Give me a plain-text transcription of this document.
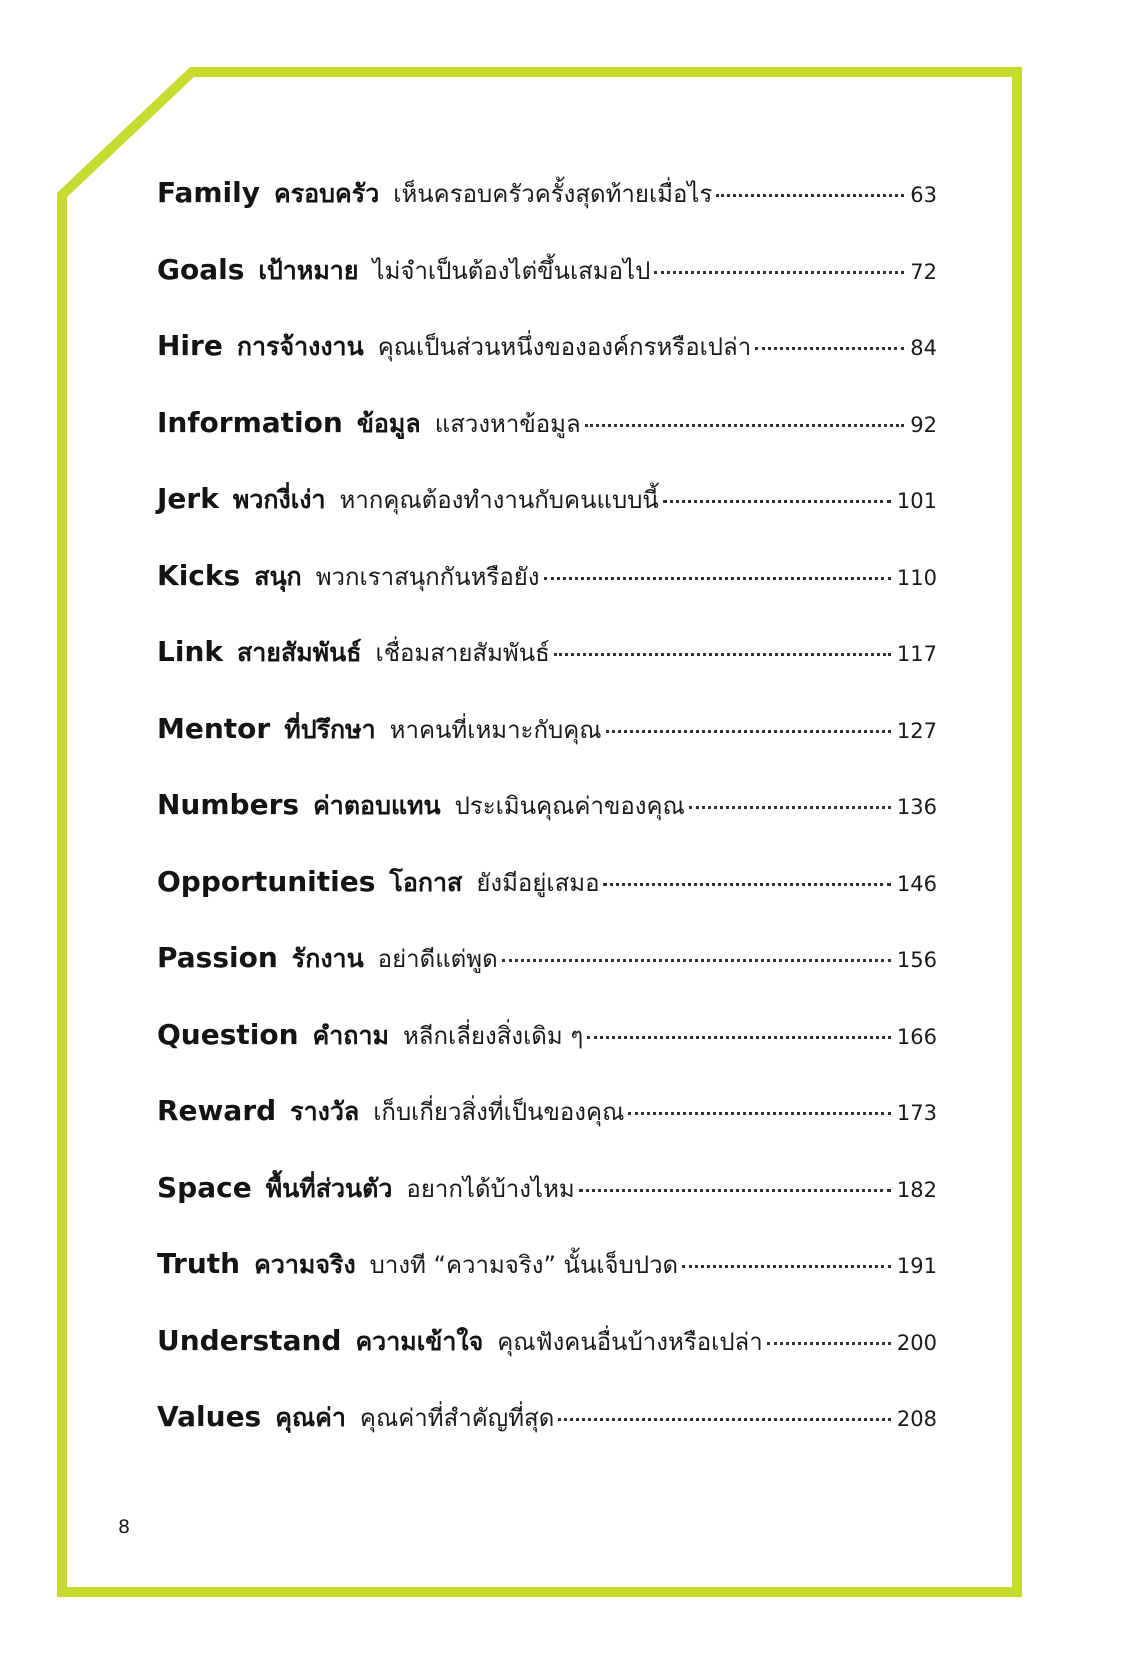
Family ครอบครัว เห็นครอบครัวครั้งสุดท้ายเมื่อไร	63
Goals เป้าหมาย ไม่จำเป็นต้องไต่ขึ้นเสมอไป	72
Hire การจ้างงาน คุณเป็นส่วนหนึ่งขององค์กรหรือเปล่า	84
Information ข้อมูล แสวงหาข้อมูล	92
Jerk พวกงี่เง่า หากคุณต้องทำงานกับคนแบบนี้	101
Kicks สนุก พวกเราสนุกกันหรือยัง	110
Link สายสัมพันธ์ เชื่อมสายสัมพันธ์	117
Mentor ที่ปรึกษา หาคนที่เหมาะกับคุณ	127
Numbers ค่าตอบแทน ประเมินคุณค่าของคุณ	136
Opportunities โอกาส ยังมีอยู่เสมอ	146
Passion รักงาน อย่าดีแต่พูด	156
Question คำถาม หลีกเลี่ยงสิ่งเดิม ๆ	166
Reward รางวัล เก็บเกี่ยวสิ่งที่เป็นของคุณ	173
Space พื้นที่ส่วนตัว อยากได้บ้างไหม	182
Truth ความจริง บางที “ความจริง” นั้นเจ็บปวด	191
Understand ความเข้าใจ คุณฟังคนอื่นบ้างหรือเปล่า	200
Values คุณค่า คุณค่าที่สำคัญที่สุด	208
8
